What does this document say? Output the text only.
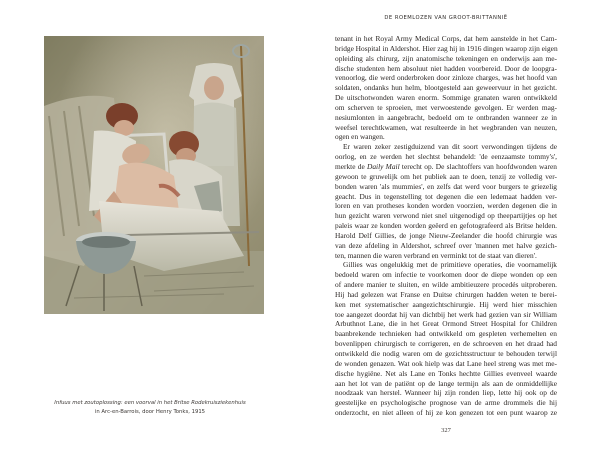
Infuus met zoutoplossing: een voorval in het Britse Rodekruisziekenhuis
in Arc-en-Barrois, door Henry Tonks, 1915
DE ROEMLOZEN VAN GROOT-BRITTANNIË
tenant in het Royal Army Medical Corps, dat hem aanstelde in het Cam-
bridge Hospital in Aldershot. Hier zag hij in 1916 dingen waarop zijn eigen
opleiding als chirurg, zijn anatomische tekeningen en onderwijs aan me-
dische studenten hem absoluut niet hadden voorbereid. Door de loopgra-
venoorlog, die werd onderbroken door zinloze charges, was het hoofd van
soldaten, ondanks hun helm, blootgesteld aan geweervuur in het gezicht.
De uitschotwonden waren enorm. Sommige granaten waren ontwikkeld
om scherven te sproeien, met verwoestende gevolgen. Er werden mag-
nesiumlonten in aangebracht, bedoeld om te ontbranden wanneer ze in
weefsel terechtkwamen, wat resulteerde in het wegbranden van neuzen,
ogen en wangen.
Er waren zeker zestigduizend van dit soort verwondingen tijdens de
oorlog, en ze werden het slechtst behandeld: 'de eenzaamste tommy's',
merkte de Daily Mail terecht op. De slachtoffers van hoofdwonden waren
gewoon te gruwelijk om het publiek aan te doen, tenzij ze volledig ver-
bonden waren 'als mummies', en zelfs dat werd voor burgers te griezelig
geacht. Dus in tegenstelling tot degenen die een ledemaat hadden ver-
loren en van protheses konden worden voorzien, werden degenen die in
hun gezicht waren verwond niet snel uitgenodigd op theepartijtjes op het
paleis waar ze konden worden geëerd en gefotografeerd als Britse helden.
Harold Delf Gillies, de jonge Nieuw-Zeelander die hoofd chirurgie was
van deze afdeling in Aldershot, schreef over 'mannen met halve gezich-
ten, mannen die waren verbrand en verminkt tot de staat van dieren'.
Gillies was ongelukkig met de primitieve operaties, die voornamelijk
bedoeld waren om infectie te voorkomen door de diepe wonden op een
of andere manier te sluiten, en wilde ambitieuzere procedés uitproberen.
Hij had gelezen wat Franse en Duitse chirurgen hadden weten te berei-
ken met systematischer aangezichtschirurgie. Hij werd hier misschien
toe aangezet doordat hij van dichtbij het werk had gezien van sir William
Arbuthnot Lane, die in het Great Ormond Street Hospital for Children
baanbrekende technieken had ontwikkeld om gespleten verhemelten en
bovenlippen chirurgisch te corrigeren, en de schroeven en het draad had
ontwikkeld die nodig waren om de gezichtsstructuur te behouden terwijl
de wonden genazen. Wat ook hielp was dat Lane heel streng was met me-
dische hygiëne. Net als Lane en Tonks hechtte Gillies evenveel waarde
aan het lot van de patiënt op de lange termijn als aan de onmiddellijke
noodzaak van herstel. Wanneer hij zijn ronden liep, lette hij ook op de
geestelijke en psychologische prognose van de arme drommels die hij
onderzocht, en niet alleen of hij ze kon genezen tot een punt waarop ze
327
